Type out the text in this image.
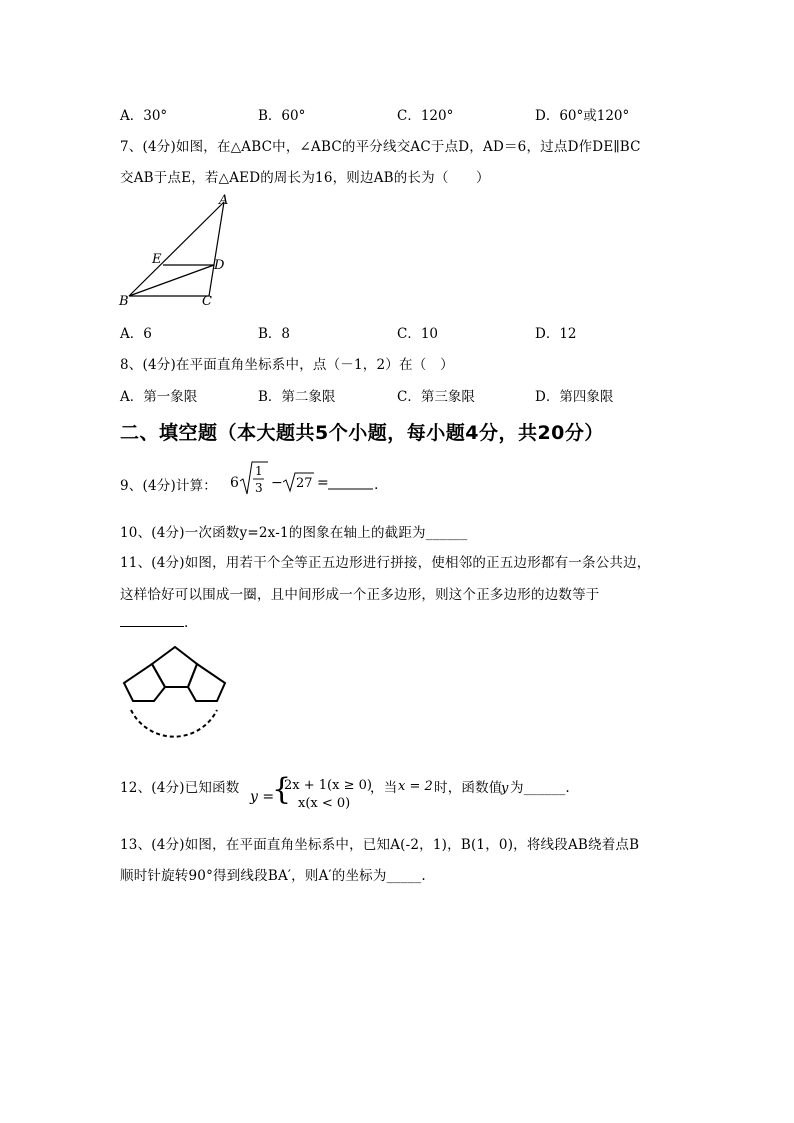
A．30°	B．60°	C．120°	D．60°或120°
7、(4分)如图，在△ABC中，∠ABC的平分线交AC于点D，AD＝6，过点D作DE∥BC
交AB于点E，若△AED的周长为16，则边AB的长为（　　）
A
E	D
B	C
A．6	B．8	C．10	D．12
8、(4分)在平面直角坐标系中，点（－1，2）在（　）
A．第一象限	B．第二象限	C．第三象限	D．第四象限
二、填空题（本大题共5个小题，每小题4分，共20分）
9、(4分)计算： 6
1
3 − 27 =	.
10、(4分)一次函数y=2x-1的图象在轴上的截距为______
11、(4分)如图，用若干个全等正五边形进行拼接，使相邻的正五边形都有一条公共边，
这样恰好可以围成一圈，且中间形成一个正多边形，则这个正多边形的边数等于
.
12、(4分)已知函数
y =
{
2x + 1(x ≥ 0)
x(x < 0)
，当 x = 2 时，函数值
y 为______.
13、(4分)如图，在平面直角坐标系中，已知A(-2，1)，B(1，0)，将线段AB绕着点B
顺时针旋转90°得到线段BA′，则A′的坐标为_____.
